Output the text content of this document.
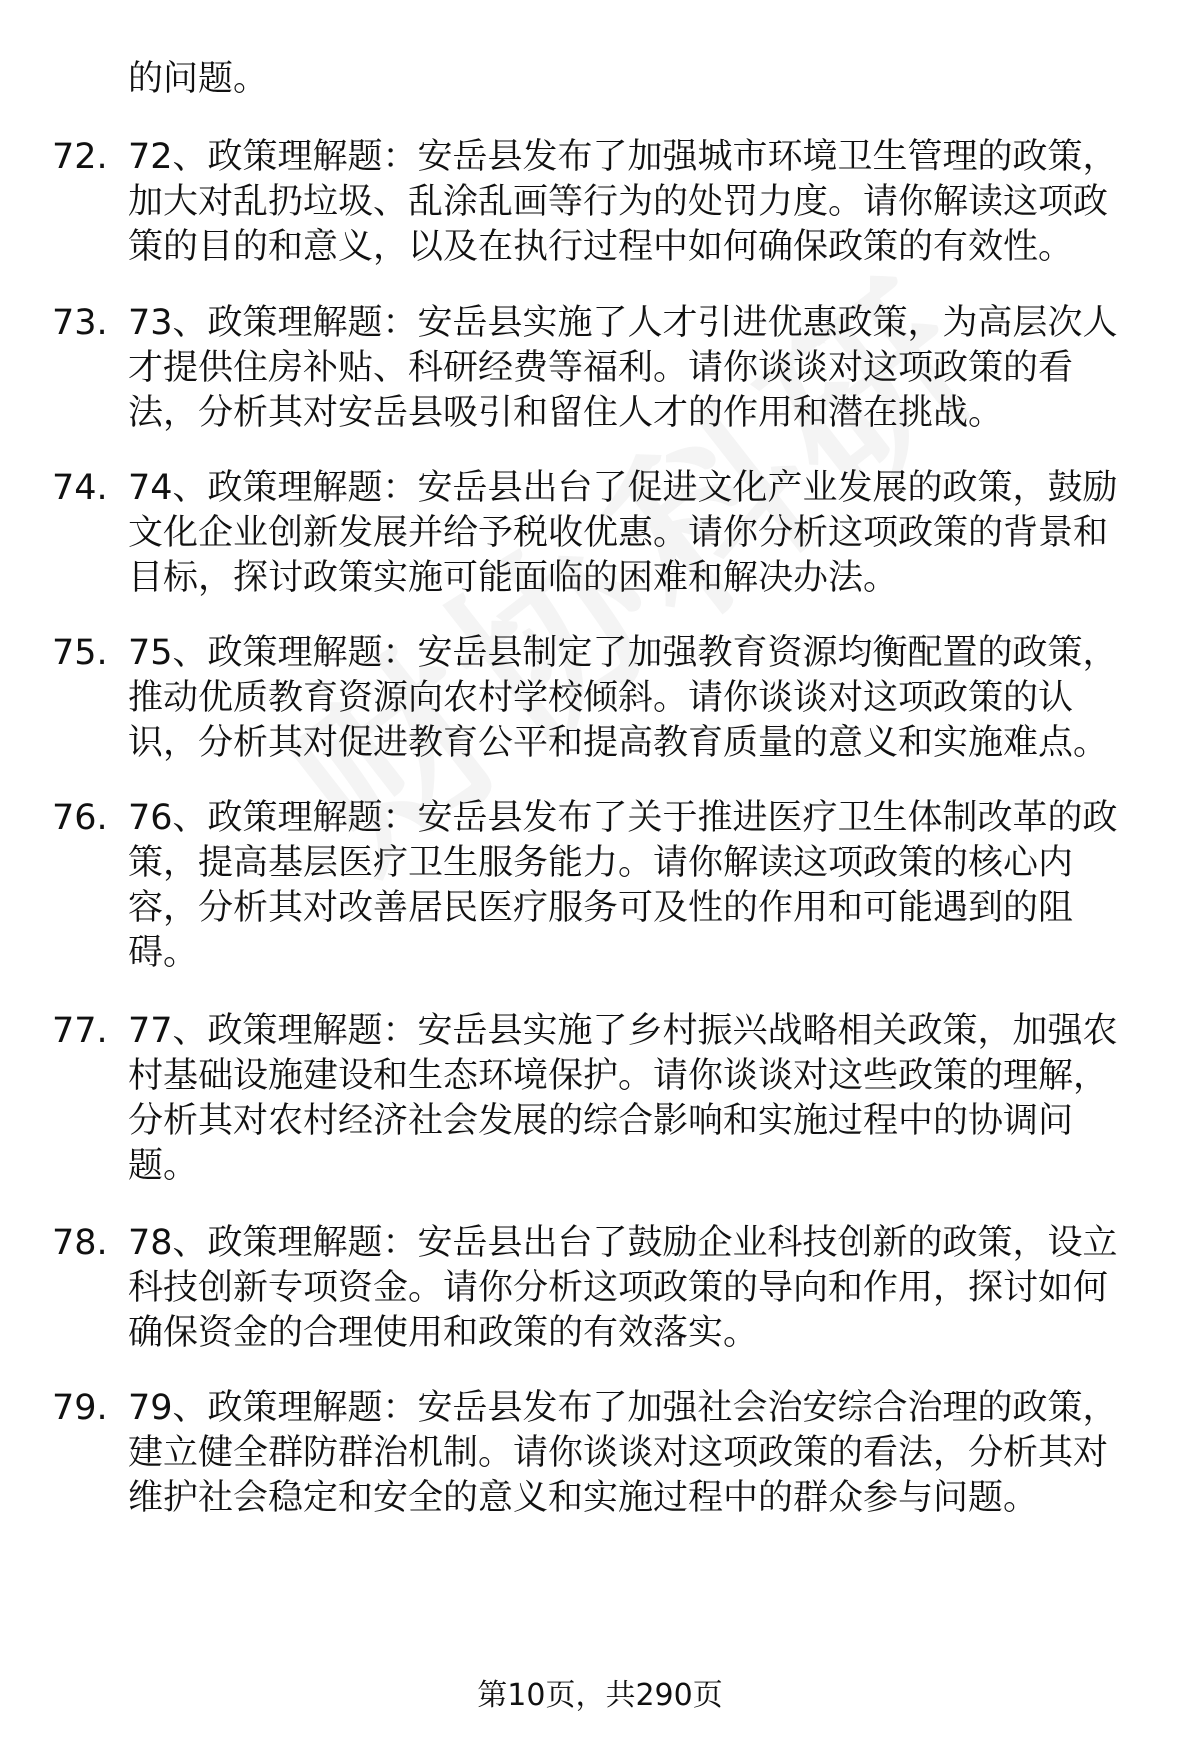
的问题。
72. 72、政策理解题：安岳县发布了加强城市环境卫生管理的政策，
加大对乱扔垃圾、乱涂乱画等行为的处罚力度。请你解读这项政
策的目的和意义，以及在执行过程中如何确保政策的有效性。
73. 73、政策理解题：安岳县实施了人才引进优惠政策，为高层次人
才提供住房补贴、科研经费等福利。请你谈谈对这项政策的看
法，分析其对安岳县吸引和留住人才的作用和潜在挑战。
74. 74、政策理解题：安岳县出台了促进文化产业发展的政策，鼓励
文化企业创新发展并给予税收优惠。请你分析这项政策的背景和
目标，探讨政策实施可能面临的困难和解决办法。
75. 75、政策理解题：安岳县制定了加强教育资源均衡配置的政策，
推动优质教育资源向农村学校倾斜。请你谈谈对这项政策的认
识，分析其对促进教育公平和提高教育质量的意义和实施难点。
76. 76、政策理解题：安岳县发布了关于推进医疗卫生体制改革的政
策，提高基层医疗卫生服务能力。请你解读这项政策的核心内
容，分析其对改善居民医疗服务可及性的作用和可能遇到的阻
碍。
77. 77、政策理解题：安岳县实施了乡村振兴战略相关政策，加强农
村基础设施建设和生态环境保护。请你谈谈对这些政策的理解，
分析其对农村经济社会发展的综合影响和实施过程中的协调问
题。
78. 78、政策理解题：安岳县出台了鼓励企业科技创新的政策，设立
科技创新专项资金。请你分析这项政策的导向和作用，探讨如何
确保资金的合理使用和政策的有效落实。
79. 79、政策理解题：安岳县发布了加强社会治安综合治理的政策，
建立健全群防群治机制。请你谈谈对这项政策的看法，分析其对
维护社会稳定和安全的意义和实施过程中的群众参与问题。
第10页，共290页
